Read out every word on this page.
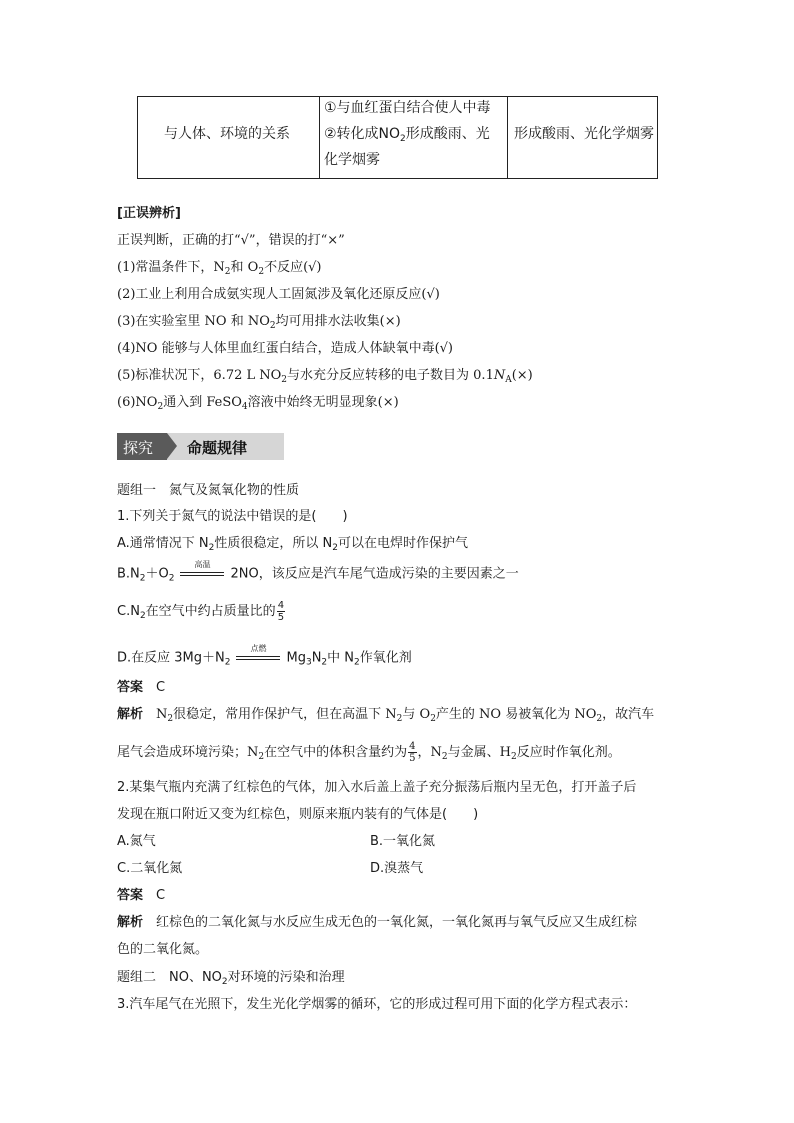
与人体、环境的关系
①与血红蛋白结合使人中毒
②转化成$NO_2$形成酸雨、光
化学烟雾
形成酸雨、光化学烟雾
[正误辨析]
正误判断，正确的打“√”，错误的打“×”
(1)常温条件下，$N_2$和 $O_2$不反应(√)
(2)工业上利用合成氨实现人工固氮涉及氧化还原反应(√)
(3)在实验室里 NO 和 $NO_2$均可用排水法收集(×)
(4)NO 能够与人体里血红蛋白结合，造成人体缺氧中毒(√)
(5)标准状况下，6.72 L $NO_2$与水充分反应转移的电子数目为 $0.1N_A(\times)$
$(6)NO_2$通入到 FeSO$_4$溶液中始终无明显现象(×)
探究 命题规律
题组一　氮气及氮氧化物的性质
1.下列关于氮气的说法中错误的是(　　)
A.通常情况下 $N_2$性质很稳定，所以 $N_2$可以在电焊时作保护气
$B.N_2+O_2$
高温
2NO，该反应是汽车尾气造成污染的主要因素之一
$C.N_2$在空气中约占质量比的 $\frac{4}{5}$
D.在反应 $3Mg+N_2$
点燃
$Mg_3N_2$中 $N_2$作氧化剂
答案　 C
解析　 $N_2$很稳定，常用作保护气，但在高温下 $N_2$与 $O_2$产生的 NO 易被氧化为 $NO_2$，故汽车
尾气会造成环境污染；$N_2$在空气中的体积含量约为 $\frac{4}{5}$ ，$N_2$与金属、$H_2$反应时作氧化剂。
2.某集气瓶内充满了红棕色的气体，加入水后盖上盖子充分振荡后瓶内呈无色，打开盖子后
发现在瓶口附近又变为红棕色，则原来瓶内装有的气体是(　　)
A.氮气	B.一氧化氮
C.二氧化氮	D.溴蒸气
答案　 C
解析　 红棕色的二氧化氮与水反应生成无色的一氧化氮，一氧化氮再与氧气反应又生成红棕
色的二氧化氮。
题组二　NO、$NO_2$对环境的污染和治理
3.汽车尾气在光照下，发生光化学烟雾的循环，它的形成过程可用下面的化学方程式表示：
